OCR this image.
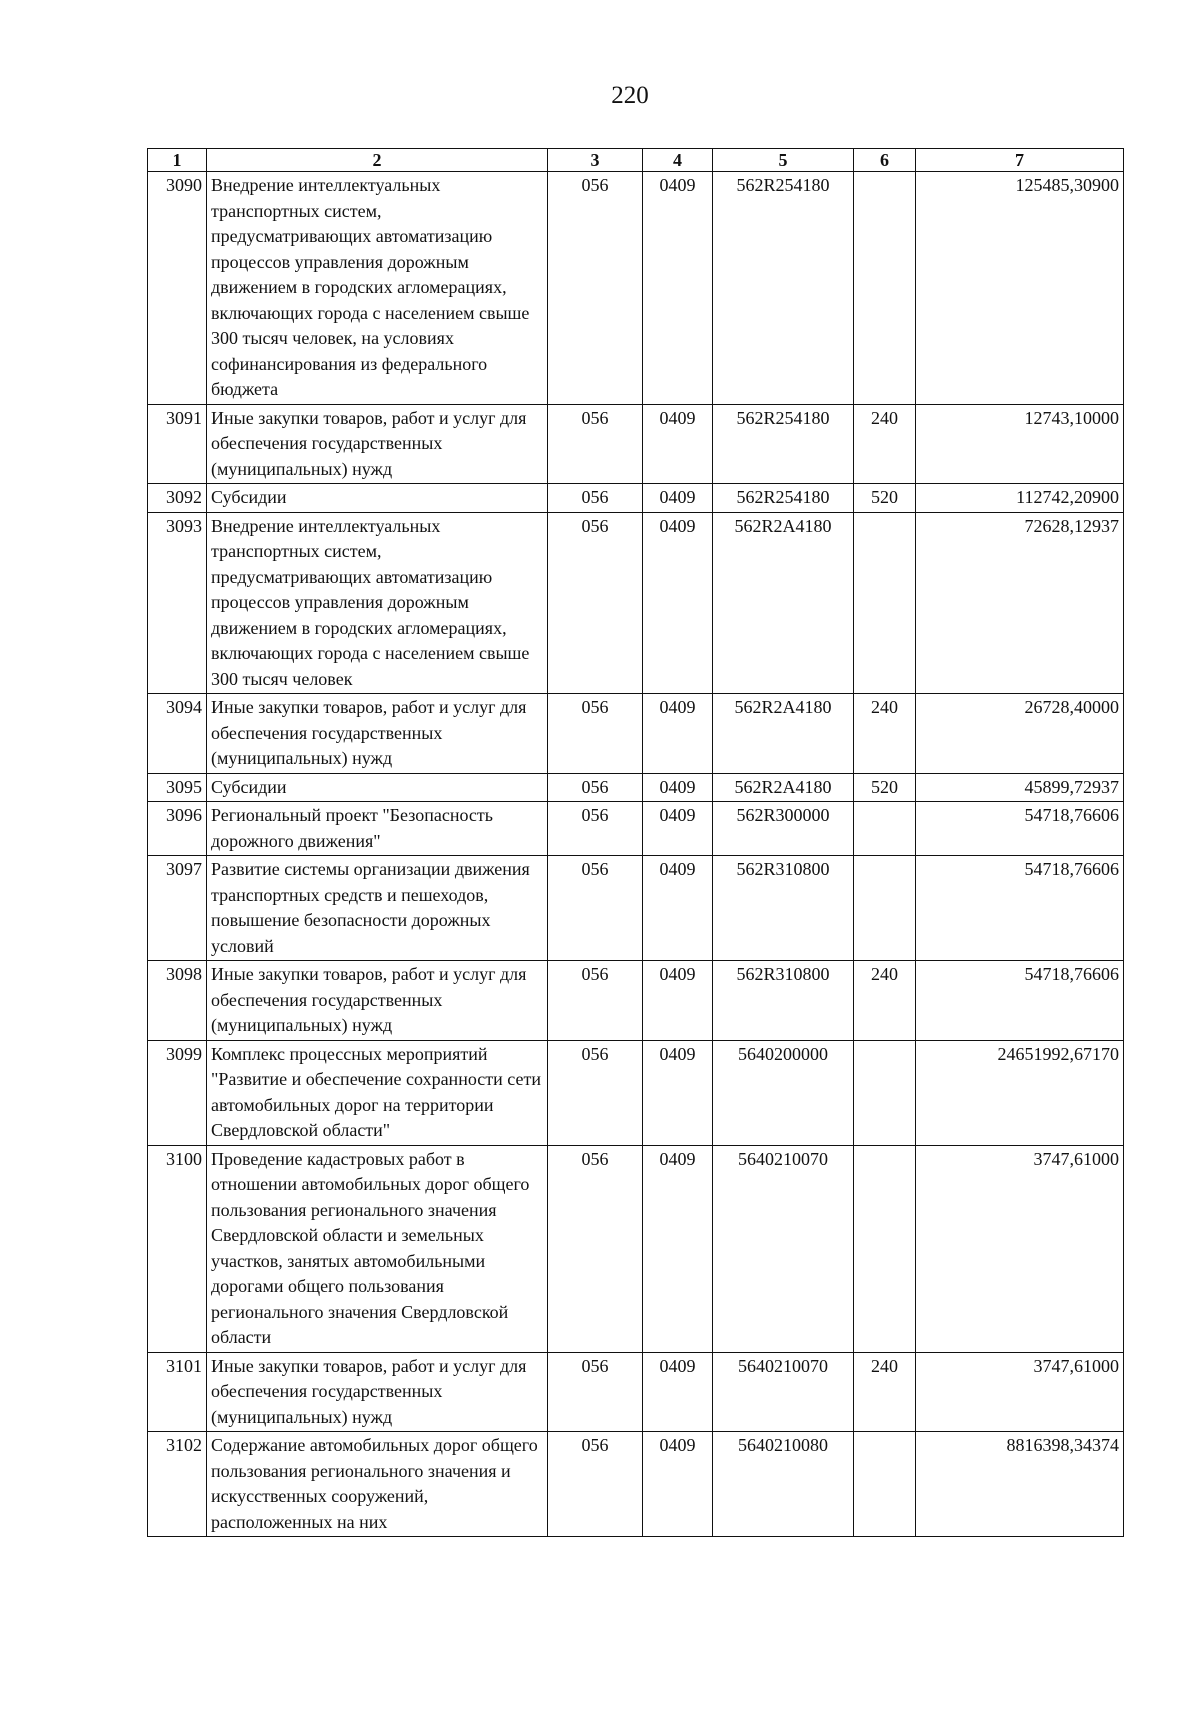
220
1	2	3	4	5	6	7
3090	Внедрение интеллектуальных транспортных систем, предусматривающих автоматизацию процессов управления дорожным движением в городских агломерациях, включающих города с населением свыше 300 тысяч человек, на условиях софинансирования из федерального бюджета	056	0409	562R254180		125485,30900
3091	Иные закупки товаров, работ и услуг для обеспечения государственных (муниципальных) нужд	056	0409	562R254180	240	12743,10000
3092	Субсидии	056	0409	562R254180	520	112742,20900
3093	Внедрение интеллектуальных транспортных систем, предусматривающих автоматизацию процессов управления дорожным движением в городских агломерациях, включающих города с населением свыше 300 тысяч человек	056	0409	562R2A4180		72628,12937
3094	Иные закупки товаров, работ и услуг для обеспечения государственных (муниципальных) нужд	056	0409	562R2A4180	240	26728,40000
3095	Субсидии	056	0409	562R2A4180	520	45899,72937
3096	Региональный проект "Безопасность дорожного движения"	056	0409	562R300000		54718,76606
3097	Развитие системы организации движения транспортных средств и пешеходов, повышение безопасности дорожных условий	056	0409	562R310800		54718,76606
3098	Иные закупки товаров, работ и услуг для обеспечения государственных (муниципальных) нужд	056	0409	562R310800	240	54718,76606
3099	Комплекс процессных мероприятий "Развитие и обеспечение сохранности сети автомобильных дорог на территории Свердловской области"	056	0409	5640200000		24651992,67170
3100	Проведение кадастровых работ в отношении автомобильных дорог общего пользования регионального значения Свердловской области и земельных участков, занятых автомобильными дорогами общего пользования регионального значения Свердловской области	056	0409	5640210070		3747,61000
3101	Иные закупки товаров, работ и услуг для обеспечения государственных (муниципальных) нужд	056	0409	5640210070	240	3747,61000
3102	Содержание автомобильных дорог общего пользования регионального значения и искусственных сооружений, расположенных на них	056	0409	5640210080		8816398,34374
